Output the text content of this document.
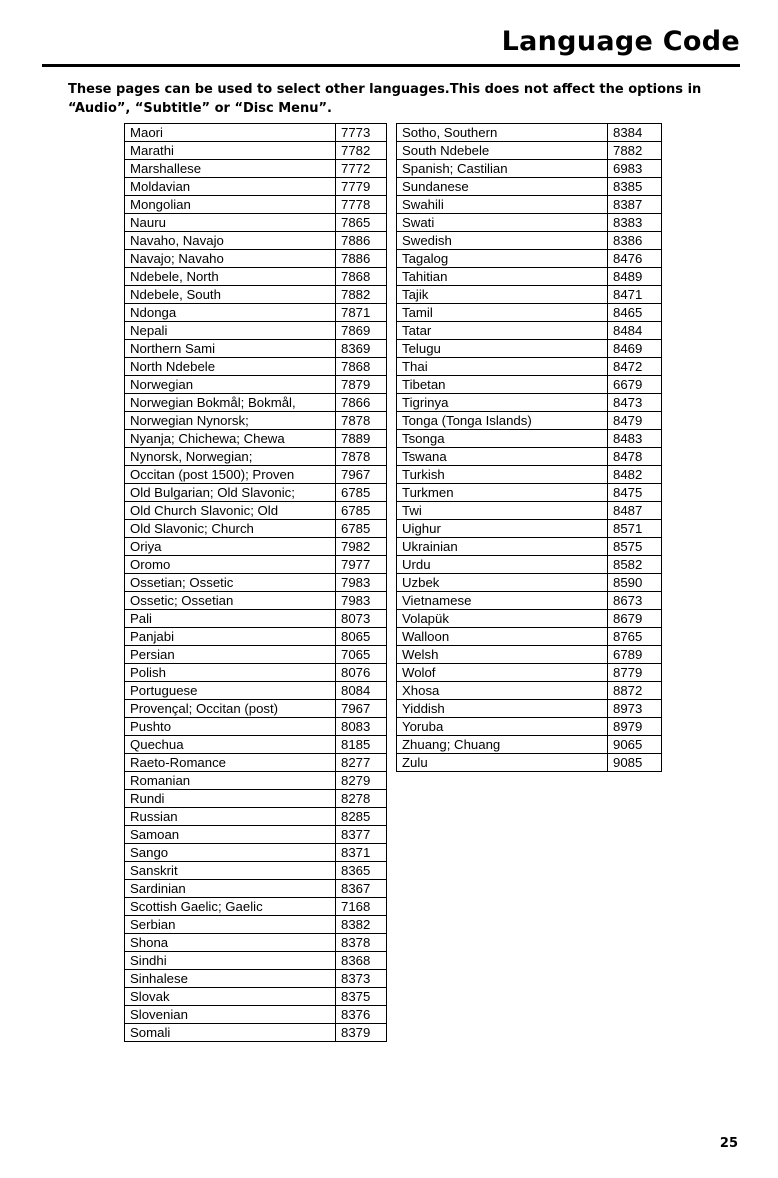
Language Code

These pages can be used to select other languages.This does not affect the options in
“Audio”, “Subtitle” or “Disc Menu”.

Maori	7773
Marathi	7782
Marshallese	7772
Moldavian	7779
Mongolian	7778
Nauru	7865
Navaho, Navajo	7886
Navajo; Navaho	7886
Ndebele, North	7868
Ndebele, South	7882
Ndonga	7871
Nepali	7869
Northern Sami	8369
North Ndebele	7868
Norwegian	7879
Norwegian Bokmål; Bokmål,	7866
Norwegian Nynorsk;	7878
Nyanja; Chichewa; Chewa	7889
Nynorsk, Norwegian;	7878
Occitan (post 1500); Proven	7967
Old Bulgarian; Old Slavonic;	6785
Old Church Slavonic; Old	6785
Old Slavonic; Church	6785
Oriya	7982
Oromo	7977
Ossetian; Ossetic	7983
Ossetic; Ossetian	7983
Pali	8073
Panjabi	8065
Persian	7065
Polish	8076
Portuguese	8084
Provençal; Occitan (post)	7967
Pushto	8083
Quechua	8185
Raeto-Romance	8277
Romanian	8279
Rundi	8278
Russian	8285
Samoan	8377
Sango	8371
Sanskrit	8365
Sardinian	8367
Scottish Gaelic; Gaelic	7168
Serbian	8382
Shona	8378
Sindhi	8368
Sinhalese	8373
Slovak	8375
Slovenian	8376
Somali	8379
Sotho, Southern	8384
South Ndebele	7882
Spanish; Castilian	6983
Sundanese	8385
Swahili	8387
Swati	8383
Swedish	8386
Tagalog	8476
Tahitian	8489
Tajik	8471
Tamil	8465
Tatar	8484
Telugu	8469
Thai	8472
Tibetan	6679
Tigrinya	8473
Tonga (Tonga Islands)	8479
Tsonga	8483
Tswana	8478
Turkish	8482
Turkmen	8475
Twi	8487
Uighur	8571
Ukrainian	8575
Urdu	8582
Uzbek	8590
Vietnamese	8673
Volapük	8679
Walloon	8765
Welsh	6789
Wolof	8779
Xhosa	8872
Yiddish	8973
Yoruba	8979
Zhuang; Chuang	9065
Zulu	9085
25
